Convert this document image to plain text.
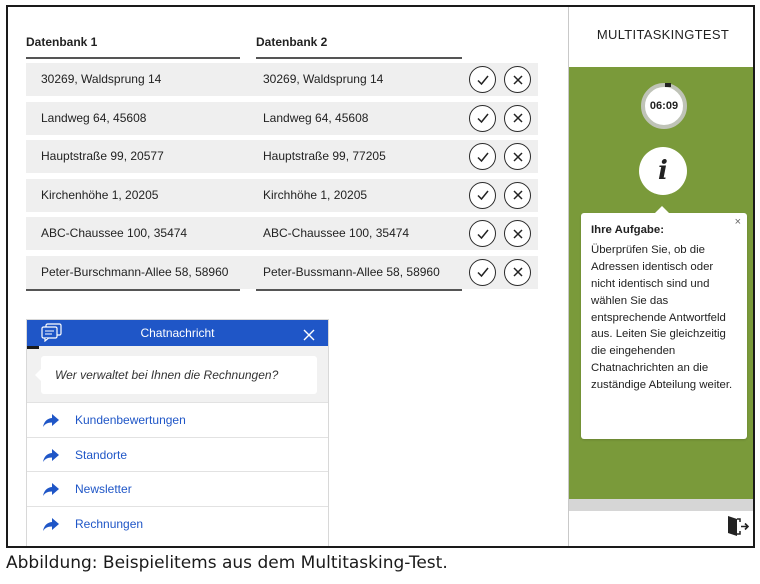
Datenbank 1	Datenbank 2
30269, Waldsprung 14	30269, Waldsprung 14
Landweg 64, 45608	Landweg 64, 45608
Hauptstraße 99, 20577	Hauptstraße 99, 77205
Kirchenhöhe 1, 20205	Kirchhöhe 1, 20205
ABC-Chaussee 100, 35474	ABC-Chaussee 100, 35474
Peter-Burschmann-Allee 58, 58960	Peter-Bussmann-Allee 58, 58960
Chatnachricht
Wer verwaltet bei Ihnen die Rechnungen?
Kundenbewertungen
Standorte
Newsletter
Rechnungen
MULTITASKINGTEST
06:09
i
×
Ihre Aufgabe:
Überprüfen Sie, ob die Adressen identisch oder nicht identisch sind und wählen Sie das entsprechende Antwortfeld aus. Leiten Sie gleichzeitig die eingehenden Chatnachrichten an die zuständige Abteilung weiter.
Abbildung: Beispielitems aus dem Multitasking-Test.
